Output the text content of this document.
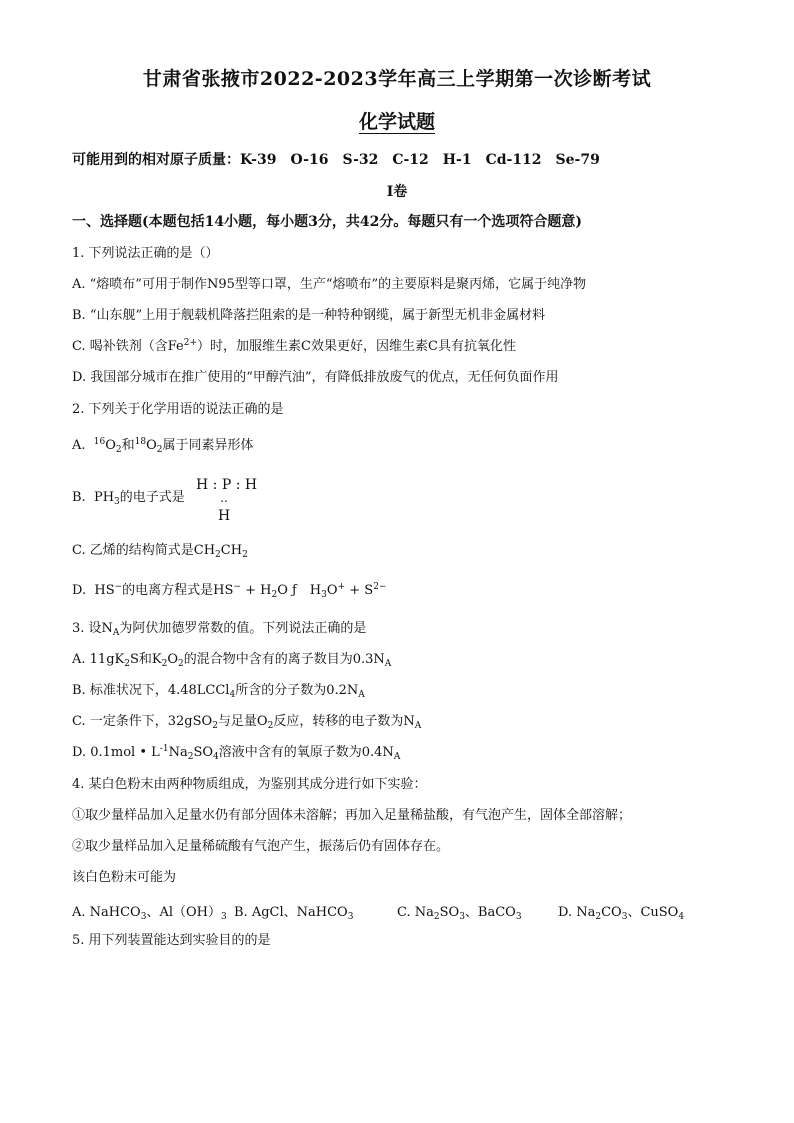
甘肃省张掖市2022-2023学年高三上学期第一次诊断考试
化学试题
可能用到的相对原子质量：K-39　O-16　S-32　C-12　H-1　Cd-112　Se-79
I卷
一、选择题(本题包括14小题，每小题3分，共42分。每题只有一个选项符合题意)
1. 下列说法正确的是（）
A. “熔喷布”可用于制作N95型等口罩，生产“熔喷布”的主要原料是聚丙烯，它属于纯净物
B. “山东舰”上用于舰载机降落拦阻索的是一种特种钢缆，属于新型无机非金属材料
C. 喝补铁剂（含$Fe^{2+}$）时，加服维生素C效果更好，因维生素C具有抗氧化性
D. 我国部分城市在推广使用的“甲醇汽油”，有降低排放废气的优点，无任何负面作用
2. 下列关于化学用语的说法正确的是
A. $^{16}O_2$和$^{18}O_2$属于同素异形体
B. $PH_3$的电子式是
H : P : H
‥
H
C. 乙烯的结构简式是$CH_2CH_2$
D. HS−的电离方程式是$HS^- + H_2O$ ƒ　$H_3O^+ + S^{2-}$
3. 设$N_A$为阿伏加德罗常数的值。下列说法正确的是
A. $11gK_2S$和$K_2O_2$的混合物中含有的离子数目为$0.3N_A$
B. 标准状况下，4.48LCCl$_4$所含的分子数为$0.2N_A$
C. 一定条件下，32gSO$_2$与足量$O_2$反应，转移的电子数为$N_A$
D. 0.1mol • $L^{-1}Na_2SO_4$溶液中含有的氧原子数为$0.4N_A$
4. 某白色粉末由两种物质组成，为鉴别其成分进行如下实验：
①取少量样品加入足量水仍有部分固体未溶解；再加入足量稀盐酸，有气泡产生，固体全部溶解；
②取少量样品加入足量稀硫酸有气泡产生，振荡后仍有固体存在。
该白色粉末可能为
A. NaHCO$_3$、$Al(OH)_3$ B. AgCl、NaHCO$_3$	C. $Na_2SO_3$、BaCO$_3$	D. $Na_2CO_3$、CuSO$_4$
5. 用下列装置能达到实验目的的是
